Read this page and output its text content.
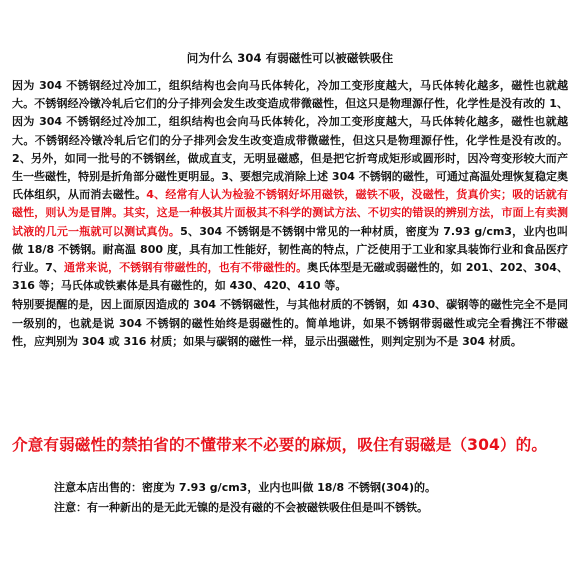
问为什么 304 有弱磁性可以被磁铁吸住

因为 304 不锈钢经过冷加工，组织结构也会向马氏体转化，冷加工变形度越大，马氏体转化越多，磁性也就越大。不锈钢经冷镦冷轧后它们的分子排列会发生改变造成带微磁性，但这只是物理源仔性，化学性是没有改的 1、因为 304 不锈钢经过冷加工，组织结构也会向马氏体转化，冷加工变形度越大，马氏体转化越多，磁性也就越大。不锈钢经冷镦冷轧后它们的分子排列会发生改变造成带微磁性，但这只是物理源仔性，化学性是没有改的。2、另外，如同一批号的不锈钢丝，做成直支，无明显磁感，但是把它折弯成矩形或圆形时，因冷弯变形较大而产生一些磁性，特别是折角部分磁性更明显。3、要想完成消除上述 304 不锈钢的磁性，可通过高温处理恢复稳定奥氏体组织，从而消去磁性。4、经常有人认为检验不锈钢好坏用磁铁，磁铁不吸，没磁性，货真价实；吸的话就有磁性，则认为是冒牌。其实，这是一种极其片面极其不科学的测试方法、不切实的错误的辨别方法，市面上有卖测试液的几元一瓶就可以测试真伪。5、304 不锈钢是不锈钢中常见的一种材质，密度为 7.93 g/cm3，业内也叫做 18/8 不锈钢。耐高温 800 度，具有加工性能好，韧性高的特点，广泛使用于工业和家具装饰行业和食品医疗行业。7、通常来说，不锈钢有带磁性的，也有不带磁性的。奥氏体型是无磁或弱磁性的，如 201、202、304、316 等；马氏体或铁素体是具有磁性的，如 430、420、410 等。

特别要提醒的是，因上面原因造成的 304 不锈钢磁性，与其他材质的不锈钢，如 430、碳钢等的磁性完全不是同一级别的，也就是说 304 不锈钢的磁性始终是弱磁性的。简单地讲，如果不锈钢带弱磁性或完全看携汪不带磁性，应判别为 304 或 316 材质；如果与碳钢的磁性一样，显示出强磁性，则判定别为不是 304 材质。

介意有弱磁性的禁拍省的不懂带来不必要的麻烦，吸住有弱磁是（304）的。

注意本店出售的：密度为 7.93 g/cm3，业内也叫做 18/8 不锈钢(304)的。

注意：有一种新出的是无此无镍的是没有磁的不会被磁铁吸住但是叫不锈铁。
